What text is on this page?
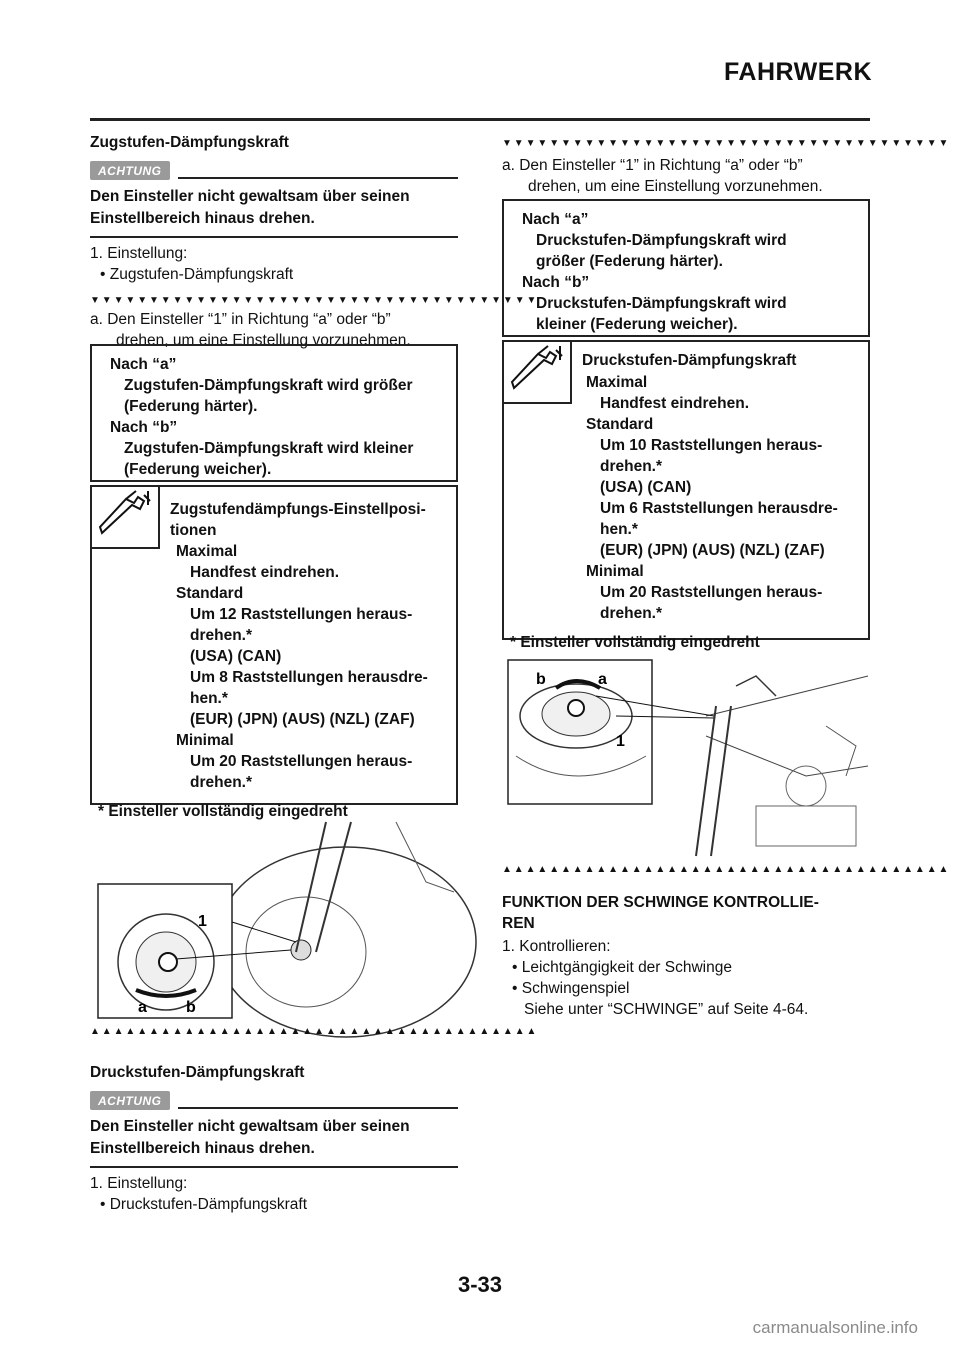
FAHRWERK
Zugstufen-Dämpfungskraft
ACHTUNG
Den Einsteller nicht gewaltsam über seinen
Einstellbereich hinaus drehen.
1. Einstellung:
• Zugstufen-Dämpfungskraft
▼▼▼▼▼▼▼▼▼▼▼▼▼▼▼▼▼▼▼▼▼▼▼▼▼▼▼▼▼▼▼▼▼▼▼▼▼▼
a. Den Einsteller “1” in Richtung “a” oder “b”
drehen, um eine Einstellung vorzunehmen.
Nach “a”
Zugstufen-Dämpfungskraft wird größer
(Federung härter).
Nach “b”
Zugstufen-Dämpfungskraft wird kleiner
(Federung weicher).
Zugstufendämpfungs-Einstellposi-
tionen
Maximal
Handfest eindrehen.
Standard
Um 12 Raststellungen heraus-
drehen.*
(USA) (CAN)
Um 8 Raststellungen herausdre-
hen.*
(EUR) (JPN) (AUS) (NZL) (ZAF)
Minimal
Um 20 Raststellungen heraus-
drehen.*
* Einsteller vollständig eingedreht
1
a b
▲▲▲▲▲▲▲▲▲▲▲▲▲▲▲▲▲▲▲▲▲▲▲▲▲▲▲▲▲▲▲▲▲▲▲▲▲▲
Druckstufen-Dämpfungskraft
ACHTUNG
Den Einsteller nicht gewaltsam über seinen
Einstellbereich hinaus drehen.
1. Einstellung:
• Druckstufen-Dämpfungskraft
▼▼▼▼▼▼▼▼▼▼▼▼▼▼▼▼▼▼▼▼▼▼▼▼▼▼▼▼▼▼▼▼▼▼▼▼▼▼
a. Den Einsteller “1” in Richtung “a” oder “b”
drehen, um eine Einstellung vorzunehmen.
Nach “a”
Druckstufen-Dämpfungskraft wird
größer (Federung härter).
Nach “b”
Druckstufen-Dämpfungskraft wird
kleiner (Federung weicher).
Druckstufen-Dämpfungskraft
Maximal
Handfest eindrehen.
Standard
Um 10 Raststellungen heraus-
drehen.*
(USA) (CAN)
Um 6 Raststellungen herausdre-
hen.*
(EUR) (JPN) (AUS) (NZL) (ZAF)
Minimal
Um 20 Raststellungen heraus-
drehen.*
* Einsteller vollständig eingedreht
b	a
1
▲▲▲▲▲▲▲▲▲▲▲▲▲▲▲▲▲▲▲▲▲▲▲▲▲▲▲▲▲▲▲▲▲▲▲▲▲▲
FUNKTION DER SCHWINGE KONTROLLIE-
REN
1. Kontrollieren:
• Leichtgängigkeit der Schwinge
• Schwingenspiel
Siehe unter “SCHWINGE” auf Seite 4-64.
3-33
carmanualsonline.info
